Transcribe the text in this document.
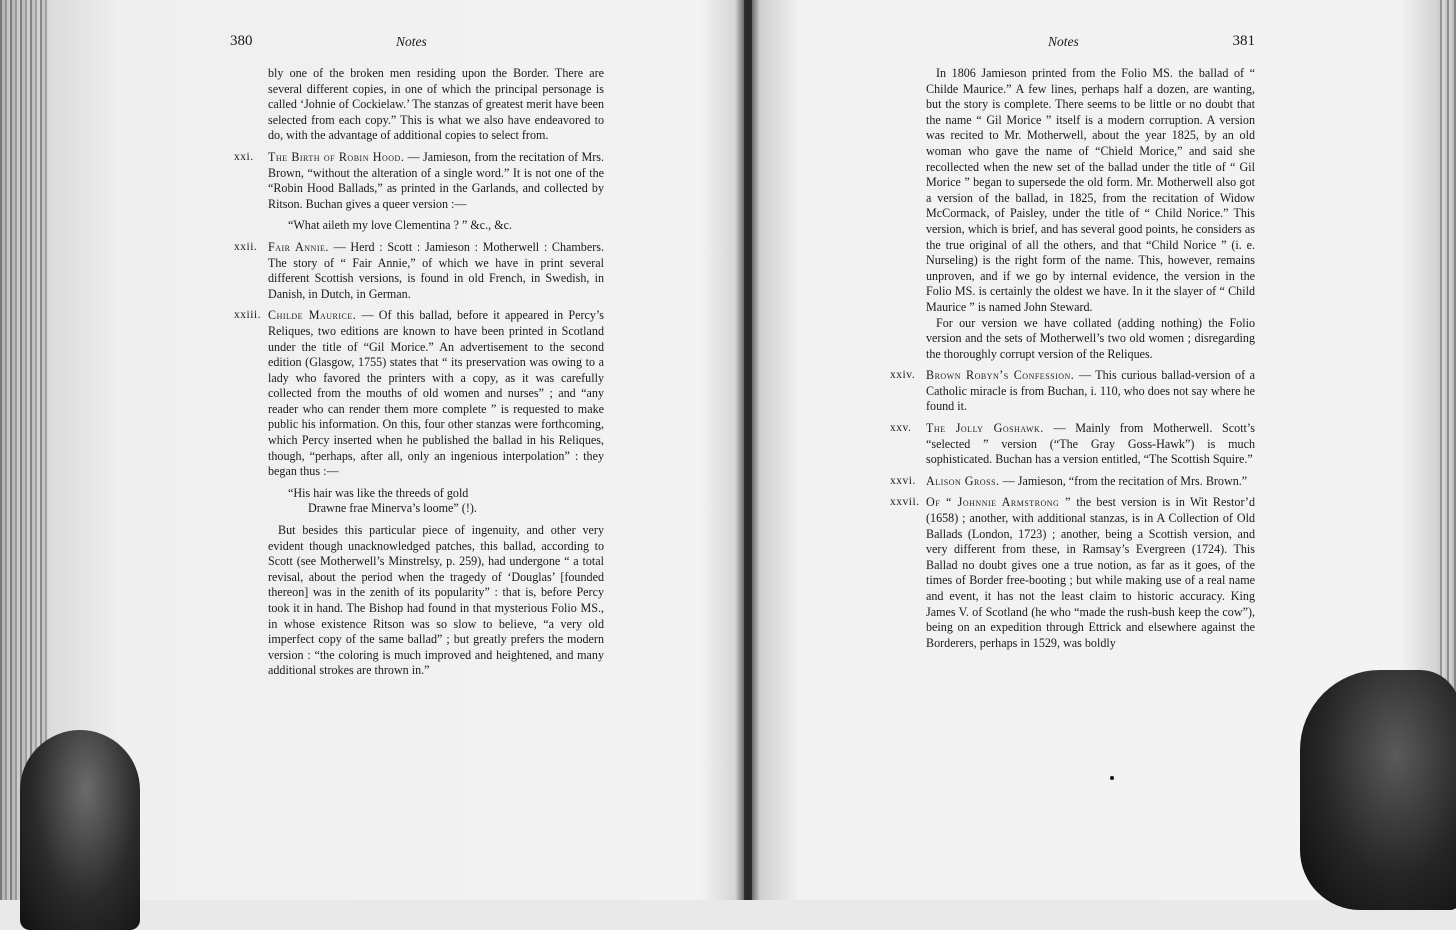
380	Notes

bly one of the broken men residing upon the Border. There are several different copies, in one of which the principal personage is called ‘Johnie of Cockielaw.’ The stanzas of greatest merit have been selected from each copy.” This is what we also have endeavored to do, with the advantage of additional copies to select from.

xxi. The Birth of Robin Hood. — Jamieson, from the recitation of Mrs. Brown, “without the alteration of a single word.” It is not one of the “Robin Hood Ballads,” as printed in the Garlands, and collected by Ritson. Buchan gives a queer version :—

“What aileth my love Clementina ? ” &c., &c.

xxii. Fair Annie. — Herd : Scott : Jamieson : Motherwell : Chambers. The story of “ Fair Annie,” of which we have in print several different Scottish versions, is found in old French, in Swedish, in Danish, in Dutch, in German.
xxiii. Childe Maurice. — Of this ballad, before it appeared in Percy’s Reliques, two editions are known to have been printed in Scotland under the title of “Gil Morice.” An advertisement to the second edition (Glasgow, 1755) states that “ its preservation was owing to a lady who favored the printers with a copy, as it was carefully collected from the mouths of old women and nurses” ; and “any reader who can render them more complete ” is requested to make public his information. On this, four other stanzas were forthcoming, which Percy inserted when he published the ballad in his Reliques, though, “perhaps, after all, only an ingenious interpolation” : they began thus :—

“His hair was like the threeds of gold

Drawne frae Minerva’s loome” (!).

But besides this particular piece of ingenuity, and other very evident though unacknowledged patches, this ballad, according to Scott (see Motherwell’s Minstrelsy, p. 259), had undergone “ a total revisal, about the period when the tragedy of ‘Douglas’ [founded thereon] was in the zenith of its popularity” : that is, before Percy took it in hand. The Bishop had found in that mysterious Folio MS., in whose existence Ritson was so slow to believe, “a very old imperfect copy of the same ballad” ; but greatly prefers the modern version : “the coloring is much improved and heightened, and many additional strokes are thrown in.”

Notes	381

In 1806 Jamieson printed from the Folio MS. the ballad of “ Childe Maurice.” A few lines, perhaps half a dozen, are wanting, but the story is complete. There seems to be little or no doubt that the name “ Gil Morice ” itself is a modern corruption. A version was recited to Mr. Motherwell, about the year 1825, by an old woman who gave the name of “Chield Morice,” and said she recollected when the new set of the ballad under the title of “ Gil Morice ” began to supersede the old form. Mr. Motherwell also got a version of the ballad, in 1825, from the recitation of Widow McCormack, of Paisley, under the title of “ Child Norice.” This version, which is brief, and has several good points, he considers as the true original of all the others, and that “Child Norice ” (i. e. Nurseling) is the right form of the name. This, however, remains unproven, and if we go by internal evidence, the version in the Folio MS. is certainly the oldest we have. In it the slayer of “ Child Maurice ” is named John Steward.

For our version we have collated (adding nothing) the Folio version and the sets of Motherwell’s two old women ; disregarding the thoroughly corrupt version of the Reliques.

xxiv. Brown Robyn’s Confession. — This curious ballad-version of a Catholic miracle is from Buchan, i. 110, who does not say where he found it.
xxv. The Jolly Goshawk. — Mainly from Motherwell. Scott’s “selected ” version (“The Gray Goss-Hawk”) is much sophisticated. Buchan has a version entitled, “The Scottish Squire.”
xxvi. Alison Gross. — Jamieson, “from the recitation of Mrs. Brown.”
xxvii. Of “ Johnnie Armstrong ” the best version is in Wit Restor’d (1658) ; another, with additional stanzas, is in A Collection of Old Ballads (London, 1723) ; another, being a Scottish version, and very different from these, in Ramsay’s Evergreen (1724). This Ballad no doubt gives one a true notion, as far as it goes, of the times of Border free-booting ; but while making use of a real name and event, it has not the least claim to historic accuracy. King James V. of Scotland (he who “made the rush-bush keep the cow”), being on an expedition through Ettrick and elsewhere against the Borderers, perhaps in 1529, was boldly
